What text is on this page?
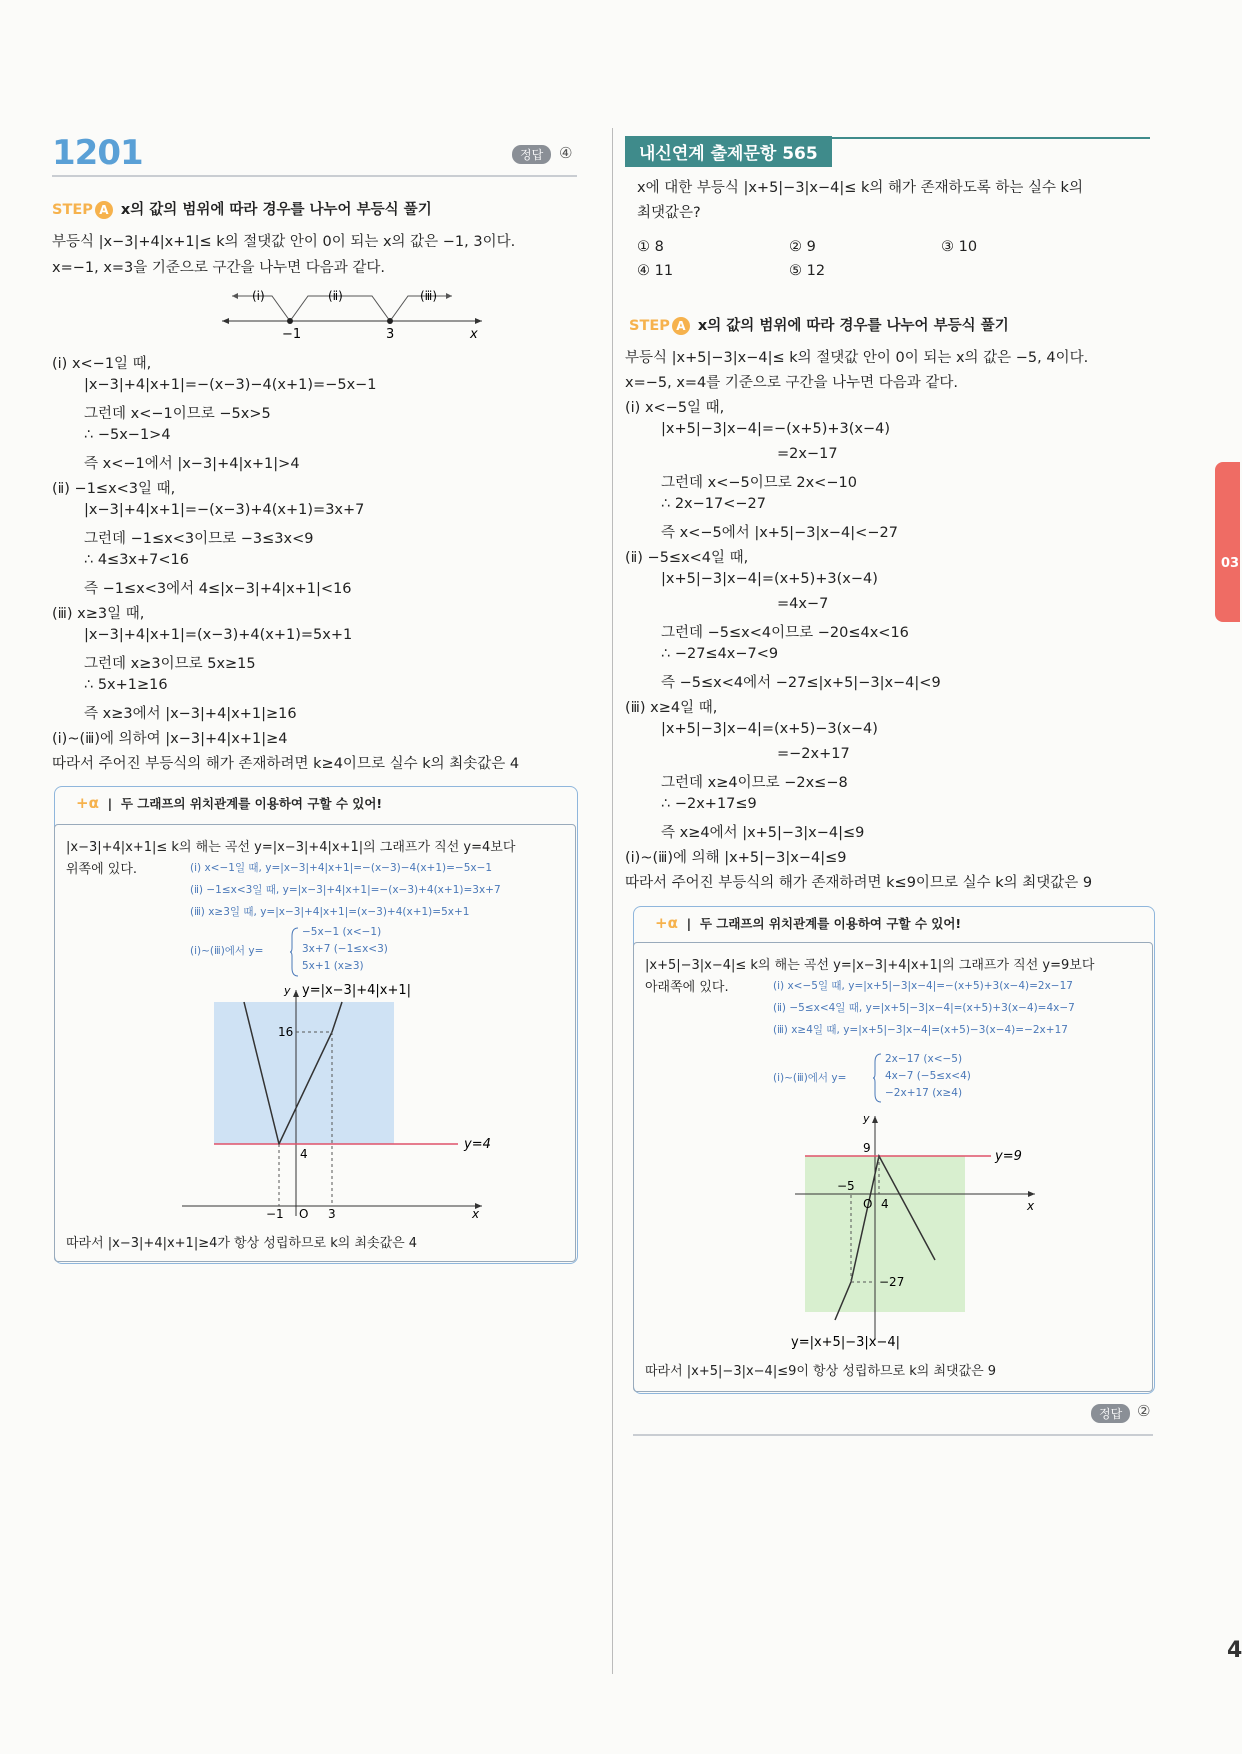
1201	정답	④
STEP A x의 값의 범위에 따라 경우를 나누어 부등식 풀기
부등식 |x−3|+4|x+1|≤ k의 절댓값 안이 0이 되는 x의 값은 −1, 3이다.
x=−1, x=3을 기준으로 구간을 나누면 다음과 같다.
(ⅰ)	(ⅱ)	(ⅲ)
−1	3	x
(ⅰ) x<−1일 때,
|x−3|+4|x+1|=−(x−3)−4(x+1)=−5x−1
그런데 x<−1이므로 −5x>5
∴ −5x−1>4
즉 x<−1에서 |x−3|+4|x+1|>4
(ⅱ) −1≤x<3일 때,
|x−3|+4|x+1|=−(x−3)+4(x+1)=3x+7
그런데 −1≤x<3이므로 −3≤3x<9
∴ 4≤3x+7<16
즉 −1≤x<3에서 4≤|x−3|+4|x+1|<16
(ⅲ) x≥3일 때,
|x−3|+4|x+1|=(x−3)+4(x+1)=5x+1
그런데 x≥3이므로 5x≥15
∴ 5x+1≥16
즉 x≥3에서 |x−3|+4|x+1|≥16
(ⅰ)~(ⅲ)에 의하여 |x−3|+4|x+1|≥4
따라서 주어진 부등식의 해가 존재하려면 k≥4이므로 실수 k의 최솟값은 4
+α  |  두 그래프의 위치관계를 이용하여 구할 수 있어!
|x−3|+4|x+1|≤ k의 해는 곡선 y=|x−3|+4|x+1|의 그래프가 직선 y=4보다
위쪽에 있다.	(ⅰ) x<−1일 때, y=|x−3|+4|x+1|=−(x−3)−4(x+1)=−5x−1
(ⅱ) −1≤x<3일 때, y=|x−3|+4|x+1|=−(x−3)+4(x+1)=3x+7
(ⅲ) x≥3일 때, y=|x−3|+4|x+1|=(x−3)+4(x+1)=5x+1
(ⅰ)~(ⅲ)에서 y=
−5x−1 (x<−1)
3x+7 (−1≤x<3)
5x+1 (x≥3)
y=|x−3|+4|x+1|
y
16
4
y=4
−1 O 3	x
따라서 |x−3|+4|x+1|≥4가 항상 성립하므로 k의 최솟값은 4
내신연계 출제문항 565
x에 대한 부등식 |x+5|−3|x−4|≤ k의 해가 존재하도록 하는 실수 k의
최댓값은?
① 8	② 9	③ 10
④ 11	⑤ 12
STEP A x의 값의 범위에 따라 경우를 나누어 부등식 풀기
부등식 |x+5|−3|x−4|≤ k의 절댓값 안이 0이 되는 x의 값은 −5, 4이다.
x=−5, x=4를 기준으로 구간을 나누면 다음과 같다.
(ⅰ) x<−5일 때,
|x+5|−3|x−4|=−(x+5)+3(x−4)
=2x−17
그런데 x<−5이므로 2x<−10
∴ 2x−17<−27
즉 x<−5에서 |x+5|−3|x−4|<−27
(ⅱ) −5≤x<4일 때,
|x+5|−3|x−4|=(x+5)+3(x−4)
=4x−7
그런데 −5≤x<4이므로 −20≤4x<16
∴ −27≤4x−7<9
즉 −5≤x<4에서 −27≤|x+5|−3|x−4|<9
(ⅲ) x≥4일 때,
|x+5|−3|x−4|=(x+5)−3(x−4)
=−2x+17
그런데 x≥4이므로 −2x≤−8
∴ −2x+17≤9
즉 x≥4에서 |x+5|−3|x−4|≤9
(ⅰ)~(ⅲ)에 의해 |x+5|−3|x−4|≤9
따라서 주어진 부등식의 해가 존재하려면 k≤9이므로 실수 k의 최댓값은 9
+α  |  두 그래프의 위치관계를 이용하여 구할 수 있어!
|x+5|−3|x−4|≤ k의 해는 곡선 y=|x−3|+4|x+1|의 그래프가 직선 y=9보다
아래쪽에 있다.	(ⅰ) x<−5일 때, y=|x+5|−3|x−4|=−(x+5)+3(x−4)=2x−17
(ⅱ) −5≤x<4일 때, y=|x+5|−3|x−4|=(x+5)+3(x−4)=4x−7
(ⅲ) x≥4일 때, y=|x+5|−3|x−4|=(x+5)−3(x−4)=−2x+17
(ⅰ)~(ⅲ)에서 y=
2x−17 (x<−5)
4x−7 (−5≤x<4)
−2x+17 (x≥4)
y
9
y=9
−5
O 4	x
−27
y=|x+5|−3|x−4|
따라서 |x+5|−3|x−4|≤9이 항상 성립하므로 k의 최댓값은 9
정답 ②
03
4
